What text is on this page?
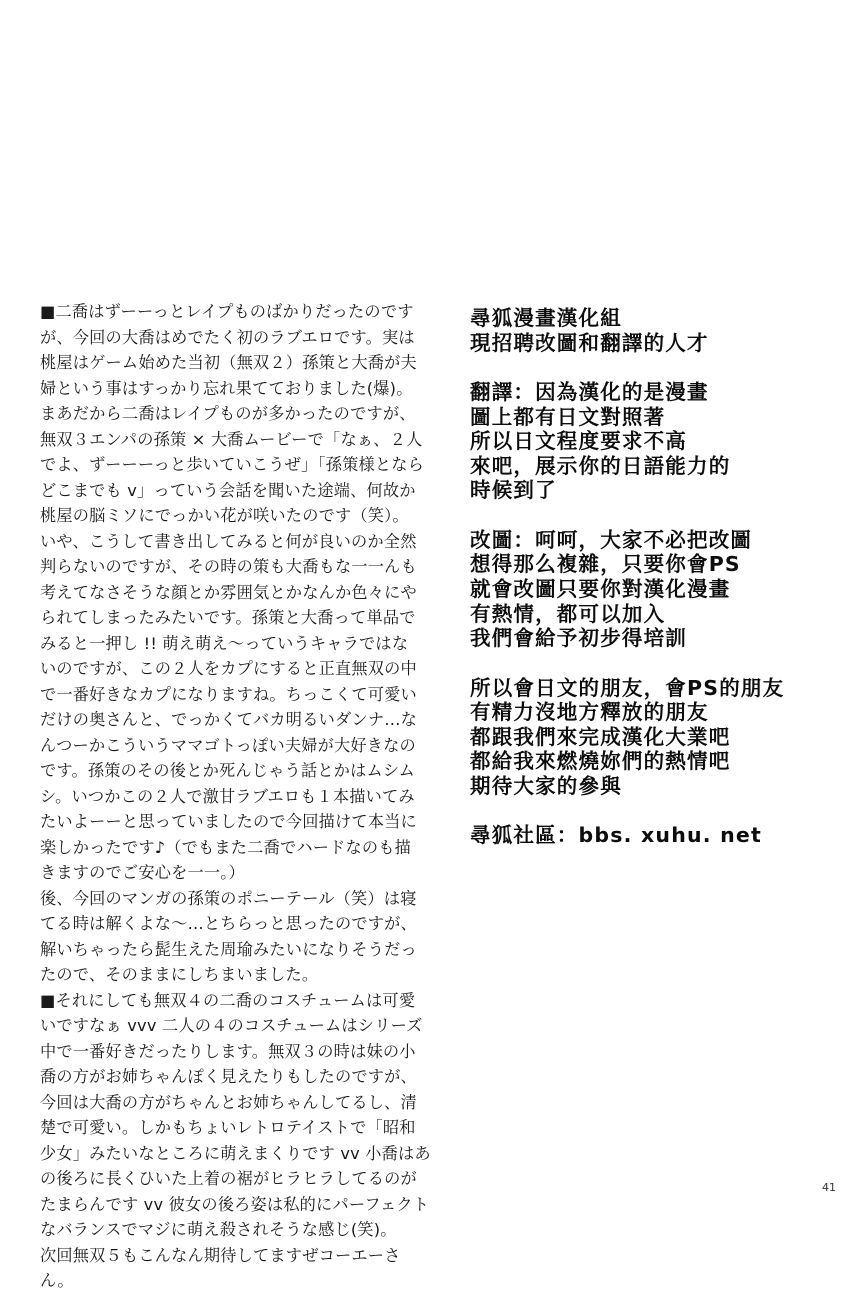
■二喬はずーーっとレイプものばかりだったのです
が、今回の大喬はめでたく初のラブエロです。実は
桃屋はゲーム始めた当初（無双２）孫策と大喬が夫
婦という事はすっかり忘れ果てておりました(爆)。
まあだから二喬はレイプものが多かったのですが、
無双３エンパの孫策 × 大喬ムービーで「なぁ、２人
でよ、ずーーーっと歩いていこうぜ」「孫策様となら
どこまでも v」っていう会話を聞いた途端、何故か
桃屋の脳ミソにでっかい花が咲いたのです（笑）。
いや、こうして書き出してみると何が良いのか全然
判らないのですが、その時の策も大喬もな一一んも
考えてなさそうな顔とか雰囲気とかなんか色々にや
られてしまったみたいです。孫策と大喬って単品で
みると一押し !! 萌え萌え〜っていうキャラではな
いのですが、この２人をカプにすると正直無双の中
で一番好きなカプになりますね。ちっこくて可愛い
だけの奥さんと、でっかくてバカ明るいダンナ…な
んつーかこういうママゴトっぽい夫婦が大好きなの
です。孫策のその後とか死んじゃう話とかはムシム
シ。いつかこの２人で激甘ラブエロも１本描いてみ
たいよーーと思っていましたので今回描けて本当に
楽しかったです♪（でもまた二喬でハードなのも描
きますのでご安心を一一。）
後、今回のマンガの孫策のポニーテール（笑）は寝
てる時は解くよな〜…とちらっと思ったのですが、
解いちゃったら髭生えた周瑜みたいになりそうだっ
たので、そのままにしちまいました。
■それにしても無双４の二喬のコスチュームは可愛
いですなぁ vvv 二人の４のコスチュームはシリーズ
中で一番好きだったりします。無双３の時は妹の小
喬の方がお姉ちゃんぽく見えたりもしたのですが、
今回は大喬の方がちゃんとお姉ちゃんしてるし、清
楚で可愛い。しかもちょいレトロテイストで「昭和
少女」みたいなところに萌えまくりです vv 小喬はあ
の後ろに長くひいた上着の裾がヒラヒラしてるのが
たまらんです vv 彼女の後ろ姿は私的にパーフェクト
なバランスでマジに萌え殺されそうな感じ(笑)。
次回無双５もこんなん期待してますぜコーエーさ
ん。
尋狐漫畫漢化組
現招聘改圖和翻譯的人才
翻譯：因為漢化的是漫畫
圖上都有日文對照著
所以日文程度要求不高
來吧，展示你的日語能力的
時候到了
改圖：呵呵，大家不必把改圖
想得那么複雜，只要你會PS
就會改圖只要你對漢化漫畫
有熱情，都可以加入
我們會給予初步得培訓
所以會日文的朋友，會PS的朋友
有精力沒地方釋放的朋友
都跟我們來完成漢化大業吧
都給我來燃燒妳們的熱情吧
期待大家的參與
尋狐社區：bbs. xuhu. net
41
